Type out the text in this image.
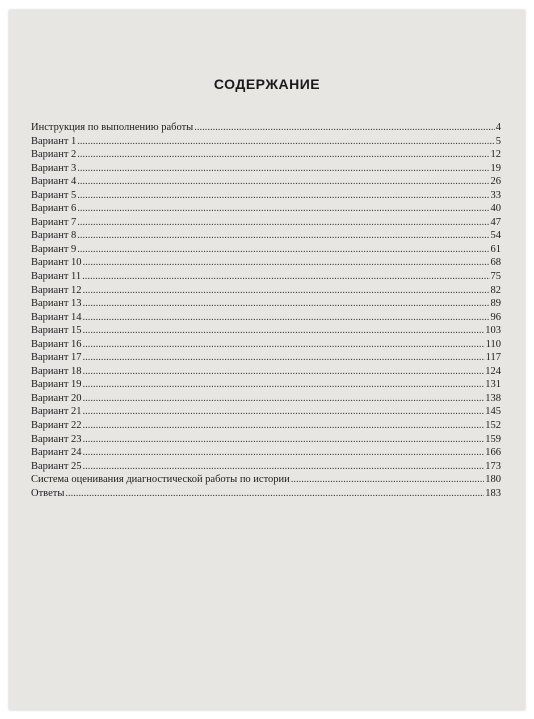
СОДЕРЖАНИЕ
Инструкция по выполнению работы .....	4
Вариант 1 .....	5
Вариант 2 .....	12
Вариант 3 .....	19
Вариант 4 .....	26
Вариант 5 .....	33
Вариант 6 .....	40
Вариант 7 .....	47
Вариант 8 .....	54
Вариант 9 .....	61
Вариант 10 .....	68
Вариант 11 .....	75
Вариант 12 .....	82
Вариант 13 .....	89
Вариант 14 .....	96
Вариант 15 .....	103
Вариант 16 .....	110
Вариант 17 .....	117
Вариант 18 .....	124
Вариант 19 .....	131
Вариант 20 .....	138
Вариант 21 .....	145
Вариант 22 .....	152
Вариант 23 .....	159
Вариант 24 .....	166
Вариант 25 .....	173
Система оценивания диагностической работы по истории .....	180
Ответы .....	183
